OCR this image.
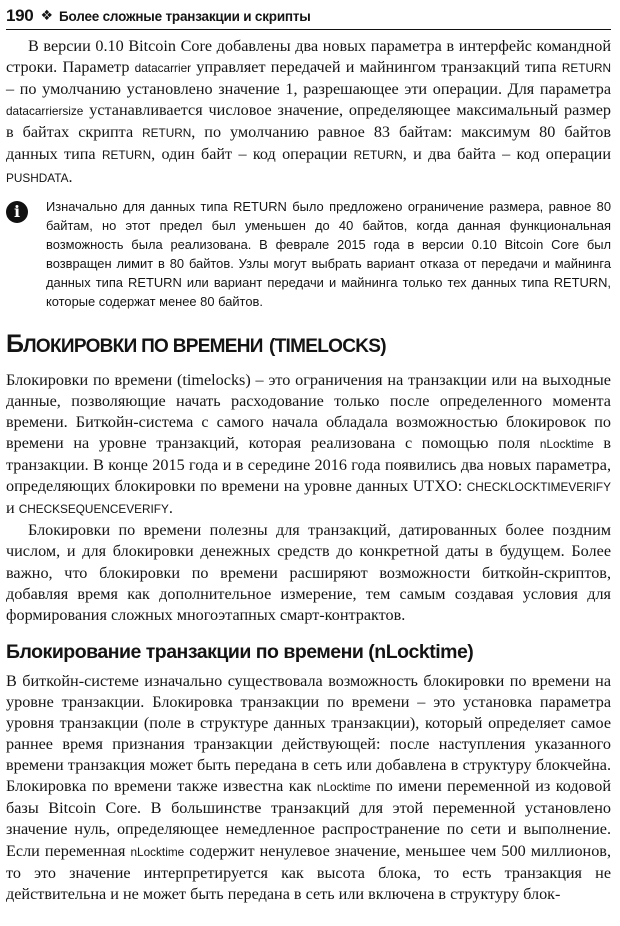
190 ❖ Более сложные транзакции и скрипты

В версии 0.10 Bitcoin Core добавлены два новых параметра в интерфейс командной строки. Параметр datacarrier управляет передачей и майнингом транзакций типа RETURN – по умолчанию установлено значение 1, разрешающее эти операции. Для параметра datacarriersize устанавливается числовое значение, определяющее максимальный размер в байтах скрипта RETURN, по умолчанию равное 83 байтам: максимум 80 байтов данных типа RETURN, один байт – код операции RETURN, и два байта – код операции PUSHDATA.

i Изначально для данных типа RETURN было предложено ограничение размера, равное 80 байтам, но этот предел был уменьшен до 40 байтов, когда данная функциональная возможность была реализована. В феврале 2015 года в версии 0.10 Bitcoin Core был возвращен лимит в 80 байтов. Узлы могут выбрать вариант отказа от передачи и майнинга данных типа RETURN или вариант передачи и майнинга только тех данных типа RETURN, которые содержат менее 80 байтов.
БЛОКИРОВКИ ПО ВРЕМЕНИ (TIMELOCKS)

Блокировки по времени (timelocks) – это ограничения на транзакции или на выходные данные, позволяющие начать расходование только после определенного момента времени. Биткойн-система с самого начала обладала возможностью блокировок по времени на уровне транзакций, которая реализована с помощью поля nLocktime в транзакции. В конце 2015 года и в середине 2016 года появились два новых параметра, определяющих блокировки по времени на уровне данных UTXO: CHECKLOCKTIMEVERIFY и CHECKSEQUENCEVERIFY.

Блокировки по времени полезны для транзакций, датированных более поздним числом, и для блокировки денежных средств до конкретной даты в будущем. Более важно, что блокировки по времени расширяют возможности биткойн-скриптов, добавляя время как дополнительное измерение, тем самым создавая условия для формирования сложных многоэтапных смарт-контрактов.

Блокирование транзакции по времени (nLocktime)

В биткойн-системе изначально существовала возможность блокировки по времени на уровне транзакции. Блокировка транзакции по времени – это установка параметра уровня транзакции (поле в структуре данных транзакции), который определяет самое раннее время признания транзакции действующей: после наступления указанного времени транзакция может быть передана в сеть или добавлена в структуру блокчейна. Блокировка по времени также известна как nLocktime по имени переменной из кодовой базы Bitcoin Core. В большинстве транзакций для этой переменной установлено значение нуль, определяющее немедленное распространение по сети и выполнение. Если переменная nLocktime содержит ненулевое значение, меньшее чем 500 миллионов, то это значение интерпретируется как высота блока, то есть транзакция не действительна и не может быть передана в сеть или включена в структуру блок-
